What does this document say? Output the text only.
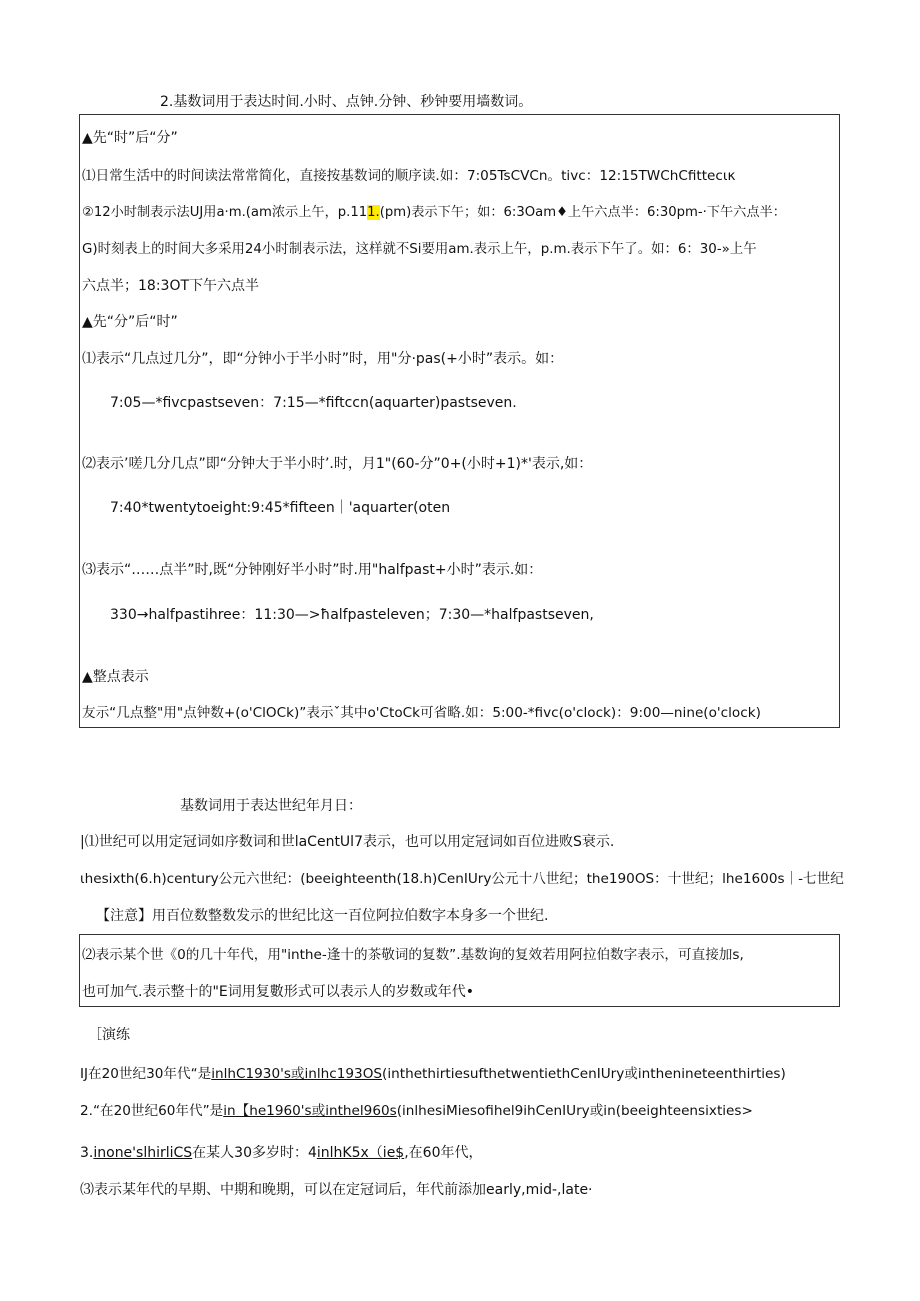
2.基数词用于表达时间.小时、点钟.分钟、秒钟要用墙数词。
▲先“时”后“分”
⑴日常生活中的时间读法常常简化，直接按基数词的顺序读.如：7:05TsCVCn。tivc：12:15TWChCfittecικ
②12小时制表示法UJ用a·m.(am浓示上午，p.111.(pm)表示下午；如：6:3Oam♦上午六点半：6:30pm-·下午六点半：
G)时刻表上的时间大多采用24小时制表示法，这样就不Si要用am.表示上午，p.m.表示下午了。如：6：30-»上午
六点半；18:3OT下午六点半
▲先“分”后“时”
⑴表示“几点过几分”，即“分钟小于半小时”时，用"分·pas(+小时”表示。如：
7:05—*fivcpastseven：7:15—*fiftccn(aquarter)pastseven.
⑵表示’嗟几分几点”即“分钟大于半小时’.时，月1"(60-分”0+(小时+1)*'表示,如：
7:40*twentytoeight:9:45*fifteen｜'aquarter(oten
⑶表示“……点半”时,既“分钟刚好半小时”时.用"halfpast+小时”表示.如：
330→halfpastihree：11:30—>ħalfpasteleven；7:30—*halfpastseven,
▲整点表示
友示“几点整"用"点钟数+(o'ClOCk)”表示ˇ其中o'CtoCk可省略.如：5:00-*fivc(o'clock)：9:00—nine(o'clock)
基数词用于表达世纪年月日：
|⑴世纪可以用定冠词如序数词和世laCentUl7表示，也可以用定冠词如百位进败S衰示.
ιhesixth(6.h)century公元六世纪：(beeighteenth(18.h)CenIUry公元十八世纪；the190OS：十世纪；lhe1600s｜-七世纪
【注意】用百位数整数发示的世纪比这一百位阿拉伯数字本身多一个世纪.
⑵表示某个世《0的几十年代，用"inthe-逢十的茶敬词的复数”.基数询的复效若用阿拉伯数字表示，可直接加s,
也可加气.表示整十的"E词用复數形式可以表示人的岁数或年代•
［演练
IJ在20世纪30年代“是inlhC1930's或inlhc193OS(inthethirtiesufthetwentiethCenIUry或inthenineteenthirties)
2.“在20世纪60年代”是in【he1960's或inthel960s(inlhesiMiesofihel9ihCenIUry或in(beeighteensixties>
3.inone'slhirliCS在某人30多岁时：4inlhK5x（ie$,在60年代，
⑶表示某年代的早期、中期和晚期，可以在定冠词后，年代前添加early,mid-,late·
